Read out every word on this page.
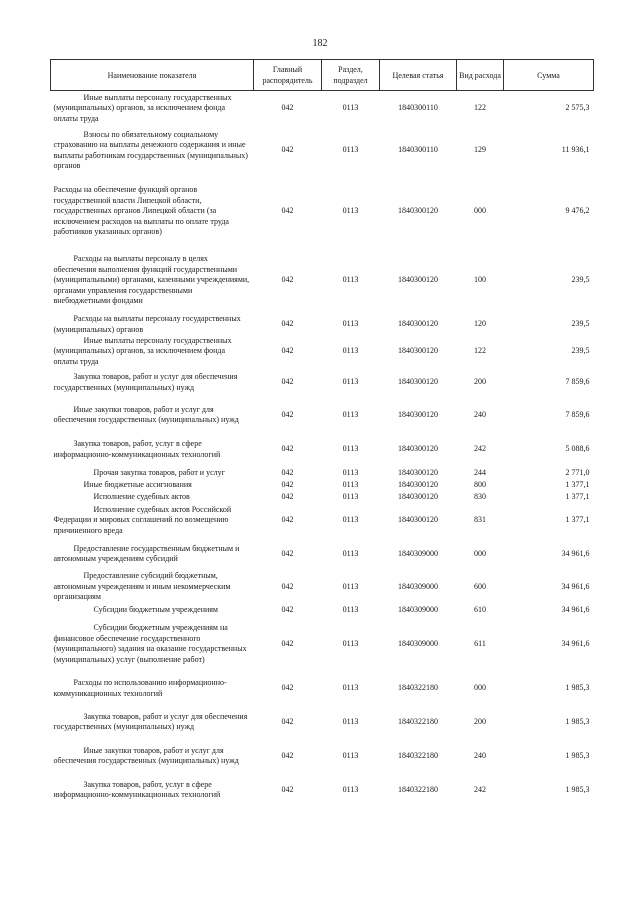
182
Наименование показателя	Главный распорядитель	Раздел, подраздел	Целевая статья	Вид расхода	Сумма

Иные выплаты персоналу государственных (муниципальных) органов, за исключением фонда оплаты труда	042	0113	1840300110	122	2 575,3

Взносы по обязательному социальному страхованию на выплаты денежного содержания и иные выплаты работникам государственных (муниципальных) органов	042	0113	1840300110	129	11 936,1

Расходы на обеспечение функций органов государственной власти Липецкой области, государственных органов Липецкой области (за исключением расходов на выплаты по оплате труда работников указанных органов)	042	0113	1840300120	000	9 476,2

Расходы на выплаты персоналу в целях обеспечения выполнения функций государственными (муниципальными) органами, казенными учреждениями, органами управления государственными внебюджетными фондами	042	0113	1840300120	100	239,5

Расходы на выплаты персоналу государственных (муниципальных) органов	042	0113	1840300120	120	239,5

Иные выплаты персоналу государственных (муниципальных) органов, за исключением фонда оплаты труда	042	0113	1840300120	122	239,5

Закупка товаров, работ и услуг для обеспечения государственных (муниципальных) нужд	042	0113	1840300120	200	7 859,6

Иные закупки товаров, работ и услуг для обеспечения государственных (муниципальных) нужд	042	0113	1840300120	240	7 859,6

Закупка товаров, работ, услуг в сфере информационно-коммуникационных технологий	042	0113	1840300120	242	5 088,6

Прочая закупка товаров, работ и услуг	042	0113	1840300120	244	2 771,0

Иные бюджетные ассигнования	042	0113	1840300120	800	1 377,1

Исполнение судебных актов	042	0113	1840300120	830	1 377,1

Исполнение судебных актов Российской Федерации и мировых соглашений по возмещению причиненного вреда	042	0113	1840300120	831	1 377,1

Предоставление государственным бюджетным и автономным учреждениям субсидий	042	0113	1840309000	000	34 961,6

Предоставление субсидий бюджетным, автономным учреждениям и иным некоммерческим организациям	042	0113	1840309000	600	34 961,6

Субсидии бюджетным учреждениям	042	0113	1840309000	610	34 961,6

Субсидии бюджетным учреждениям на финансовое обеспечение государственного (муниципального) задания на оказание государственных (муниципальных) услуг (выполнение работ)	042	0113	1840309000	611	34 961,6

Расходы по использованию информационно-коммуникационных технологий	042	0113	1840322180	000	1 985,3

Закупка товаров, работ и услуг для обеспечения государственных (муниципальных) нужд	042	0113	1840322180	200	1 985,3

Иные закупки товаров, работ и услуг для обеспечения государственных (муниципальных) нужд	042	0113	1840322180	240	1 985,3

Закупка товаров, работ, услуг в сфере информационно-коммуникационных технологий	042	0113	1840322180	242	1 985,3
